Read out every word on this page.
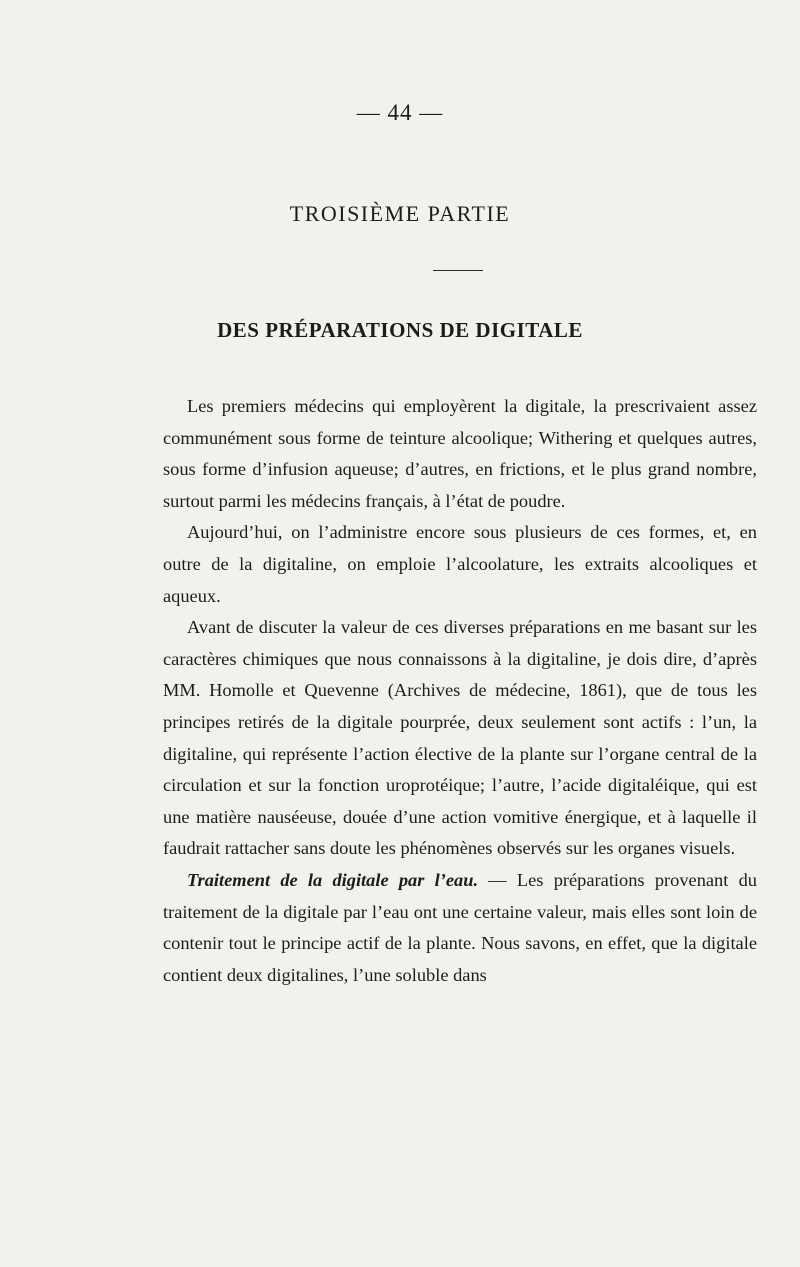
— 44 —
TROISIÈME PARTIE
DES PRÉPARATIONS DE DIGITALE

Les premiers médecins qui employèrent la digitale, la prescrivaient assez communément sous forme de teinture alcoolique; Withering et quelques autres, sous forme d’infusion aqueuse; d’autres, en frictions, et le plus grand nombre, surtout parmi les médecins français, à l’état de poudre.

Aujourd’hui, on l’administre encore sous plusieurs de ces formes, et, en outre de la digitaline, on emploie l’alcoolature, les extraits alcooliques et aqueux.

Avant de discuter la valeur de ces diverses préparations en me basant sur les caractères chimiques que nous connaissons à la digitaline, je dois dire, d’après MM. Homolle et Quevenne (Archives de médecine, 1861), que de tous les principes retirés de la digitale pourprée, deux seulement sont actifs : l’un, la digitaline, qui représente l’action élective de la plante sur l’organe central de la circulation et sur la fonction uroprotéique; l’autre, l’acide digitaléique, qui est une matière nauséeuse, douée d’une action vomitive énergique, et à laquelle il faudrait rattacher sans doute les phénomènes observés sur les organes visuels.

Traitement de la digitale par l’eau. — Les préparations provenant du traitement de la digitale par l’eau ont une certaine valeur, mais elles sont loin de contenir tout le principe actif de la plante. Nous savons, en effet, que la digitale contient deux digitalines, l’une soluble dans
